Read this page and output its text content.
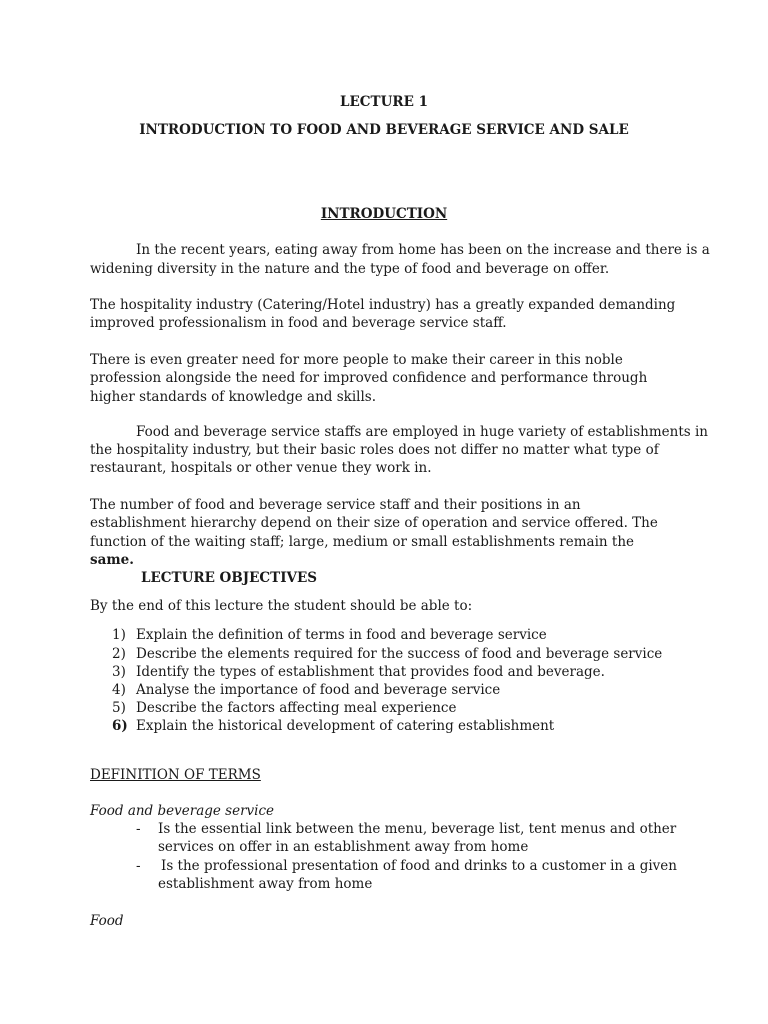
LECTURE 1
INTRODUCTION TO FOOD AND BEVERAGE SERVICE AND SALE
INTRODUCTION
In the recent years, eating away from home has been on the increase and there is a
widening diversity in the nature and the type of food and beverage on offer.
The hospitality industry (Catering/Hotel industry) has a greatly expanded demanding improved professionalism in food and beverage service staff.
There is even greater need for more people to make their career in this noble profession alongside the need for improved confidence and performance through higher standards of knowledge and skills.
Food and beverage service staffs are employed in huge variety of establishments in
the hospitality industry, but their basic roles does not differ no matter what type of restaurant, hospitals or other venue they work in.
The number of food and beverage service staff and their positions in an establishment hierarchy depend on their size of operation and service offered. The function of the waiting staff; large, medium or small establishments remain the same.
LECTURE OBJECTIVES
By the end of this lecture the student should be able to:
1) Explain the definition of terms in food and beverage service
2) Describe the elements required for the success of food and beverage service
3) Identify the types of establishment that provides food and beverage.
4) Analyse the importance of food and beverage service
5) Describe the factors affecting meal experience
6) Explain the historical development of catering establishment
DEFINITION OF TERMS
Food and beverage service
- Is the essential link between the menu, beverage list, tent menus and other services on offer in an establishment away from home
- Is the professional presentation of food and drinks to a customer in a given establishment away from home
Food
